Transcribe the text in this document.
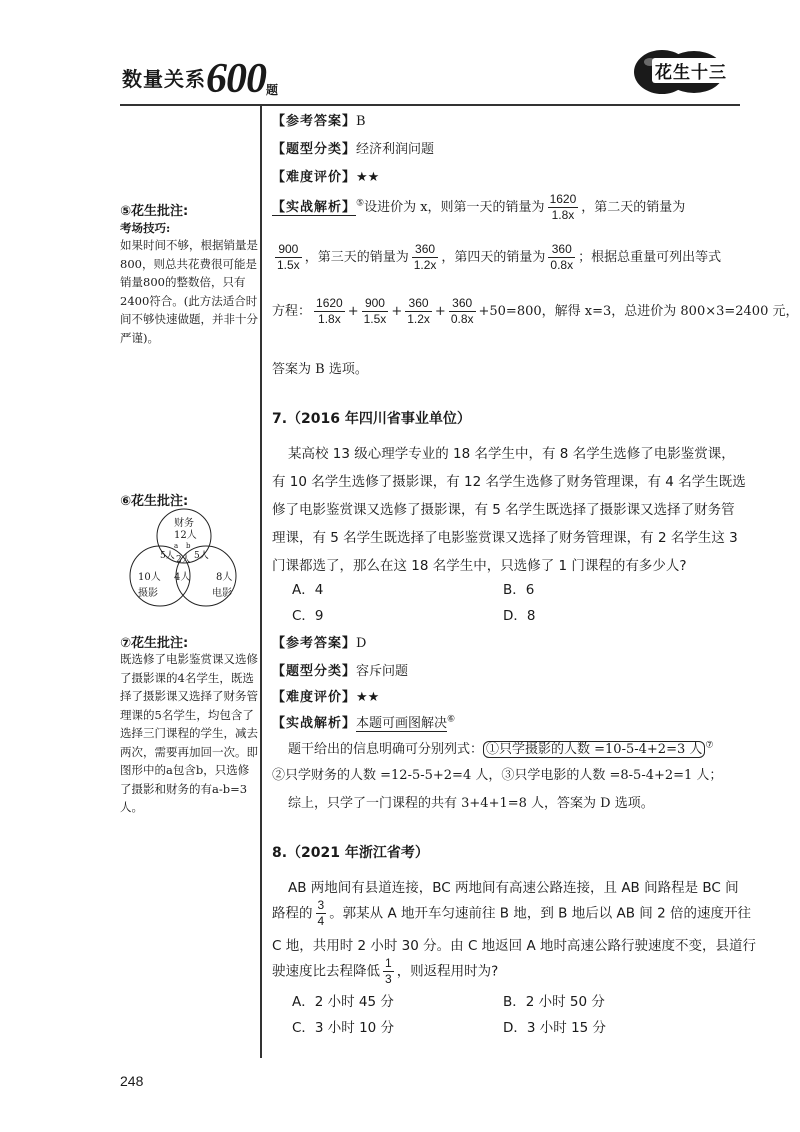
数量关系$600_题$
花生十三
⑤花生批注:
考场技巧:
如果时间不够，根据销量是800，则总共花费很可能是销量800的整数倍，只有2400符合。(此方法适合时间不够快速做题，并非十分严谨)。
⑥花生批注:
财务
12人
a b
5人 2人 5人
4人
10人
摄影
8人
电影
⑦花生批注:
既选修了电影鉴赏课又选修了摄影课的4名学生，既选择了摄影课又选择了财务管理课的5名学生，均包含了选择三门课程的学生，减去两次，需要再加回一次。即图形中的a包含b，只选修了摄影和财务的有a-b=3人。
【参考答案】B
【题型分类】经济利润问题
【难度评价】★★
【实战解析】⑤设进价为 x，则第一天的销量为 $\frac{1620}{1.8x}$ ，第二天的销量为
$\frac{900}{1.5x}$ ，第三天的销量为 $\frac{360}{1.2x}$ ，第四天的销量为 $\frac{360}{0.8x}$ ；根据总重量可列出等式
方程： $\frac{1620}{1.8x} + \frac{900}{1.5x} + \frac{360}{1.2x} + \frac{360}{0.8x} +50=800$，解得 x=3，总进价为 800×3=2400 元，
答案为 B 选项。
7.（2016 年四川省事业单位）
某高校 13 级心理学专业的 18 名学生中，有 8 名学生选修了电影鉴赏课，
有 10 名学生选修了摄影课，有 12 名学生选修了财务管理课，有 4 名学生既选
修了电影鉴赏课又选修了摄影课，有 5 名学生既选择了摄影课又选择了财务管
理课，有 5 名学生既选择了电影鉴赏课又选择了财务管理课，有 2 名学生这 3
门课都选了，那么在这 18 名学生中，只选修了 1 门课程的有多少人?
A．4	B．6
C．9	D．8
【参考答案】D
【题型分类】容斥问题
【难度评价】★★
【实战解析】本题可画图解决⑥
题干给出的信息明确可分别列式： ①只学摄影的人数 =10-5-4+2=3 人 ⑦
②只学财务的人数 =12-5-5+2=4 人，③只学电影的人数 =8-5-4+2=1 人；
综上，只学了一门课程的共有 3+4+1=8 人，答案为 D 选项。
8.（2021 年浙江省考）
AB 两地间有县道连接，BC 两地间有高速公路连接，且 AB 间路程是 BC 间
路程的 $\frac{3}{4}$ 。郭某从 A 地开车匀速前往 B 地，到 B 地后以 AB 间 2 倍的速度开往
C 地，共用时 2 小时 30 分。由 C 地返回 A 地时高速公路行驶速度不变，县道行
驶速度比去程降低 $\frac{1}{3}$ ，则返程用时为?
A．2 小时 45 分	B．2 小时 50 分
C．3 小时 10 分	D．3 小时 15 分
248
